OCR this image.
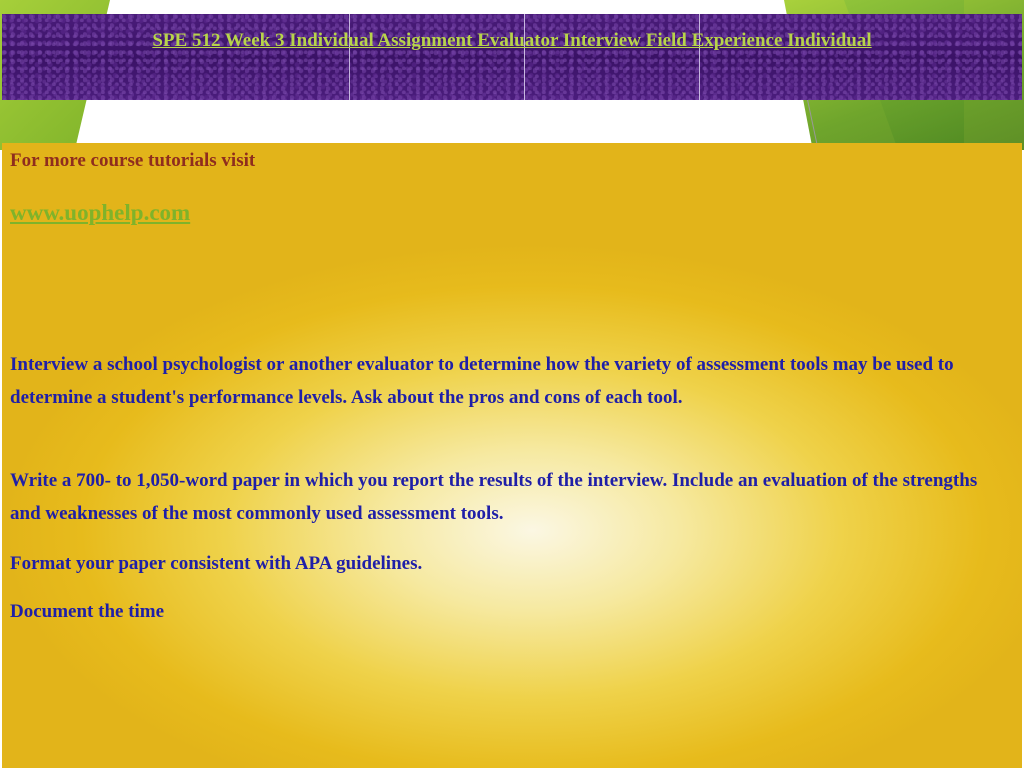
SPE 512 Week 3 Individual Assignment Evaluator Interview Field Experience Individual

For more course tutorials visit

www.uophelp.com

Interview a school psychologist or another evaluator to determine how the variety of assessment tools may be used to determine a student's performance levels. Ask about the pros and cons of each tool.

Write a 700- to 1,050-word paper in which you report the results of the interview. Include an evaluation of the strengths and weaknesses of the most commonly used assessment tools.

Format your paper consistent with APA guidelines.

Document the time
